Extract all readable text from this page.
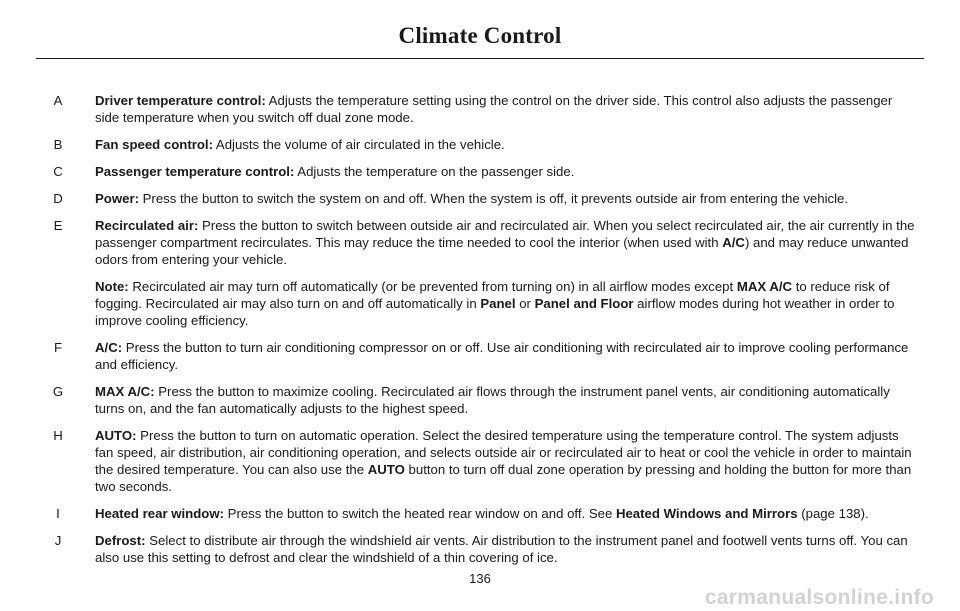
Climate Control
A	Driver temperature control: Adjusts the temperature setting using the control on the driver side. This control also adjusts the passenger side temperature when you switch off dual zone mode.

B	Fan speed control: Adjusts the volume of air circulated in the vehicle.

C	Passenger temperature control: Adjusts the temperature on the passenger side.

D	Power: Press the button to switch the system on and off. When the system is off, it prevents outside air from entering the vehicle.

E	Recirculated air: Press the button to switch between outside air and recirculated air. When you select recirculated air, the air currently in the passenger compartment recirculates. This may reduce the time needed to cool the interior (when used with A/C) and may reduce unwanted odors from entering your vehicle.

Note: Recirculated air may turn off automatically (or be prevented from turning on) in all airflow modes except MAX A/C to reduce risk of fogging. Recirculated air may also turn on and off automatically in Panel or Panel and Floor airflow modes during hot weather in order to improve cooling efficiency.

F	A/C: Press the button to turn air conditioning compressor on or off. Use air conditioning with recirculated air to improve cooling performance and efficiency.

G	MAX A/C: Press the button to maximize cooling. Recirculated air flows through the instrument panel vents, air conditioning automatically turns on, and the fan automatically adjusts to the highest speed.

H	AUTO: Press the button to turn on automatic operation. Select the desired temperature using the temperature control. The system adjusts fan speed, air distribution, air conditioning operation, and selects outside air or recirculated air to heat or cool the vehicle in order to maintain the desired temperature. You can also use the AUTO button to turn off dual zone operation by pressing and holding the button for more than two seconds.

I	Heated rear window: Press the button to switch the heated rear window on and off. See Heated Windows and Mirrors (page 138).

J	Defrost: Select to distribute air through the windshield air vents. Air distribution to the instrument panel and footwell vents turns off. You can also use this setting to defrost and clear the windshield of a thin covering of ice.

136
carmanualsonline.info
